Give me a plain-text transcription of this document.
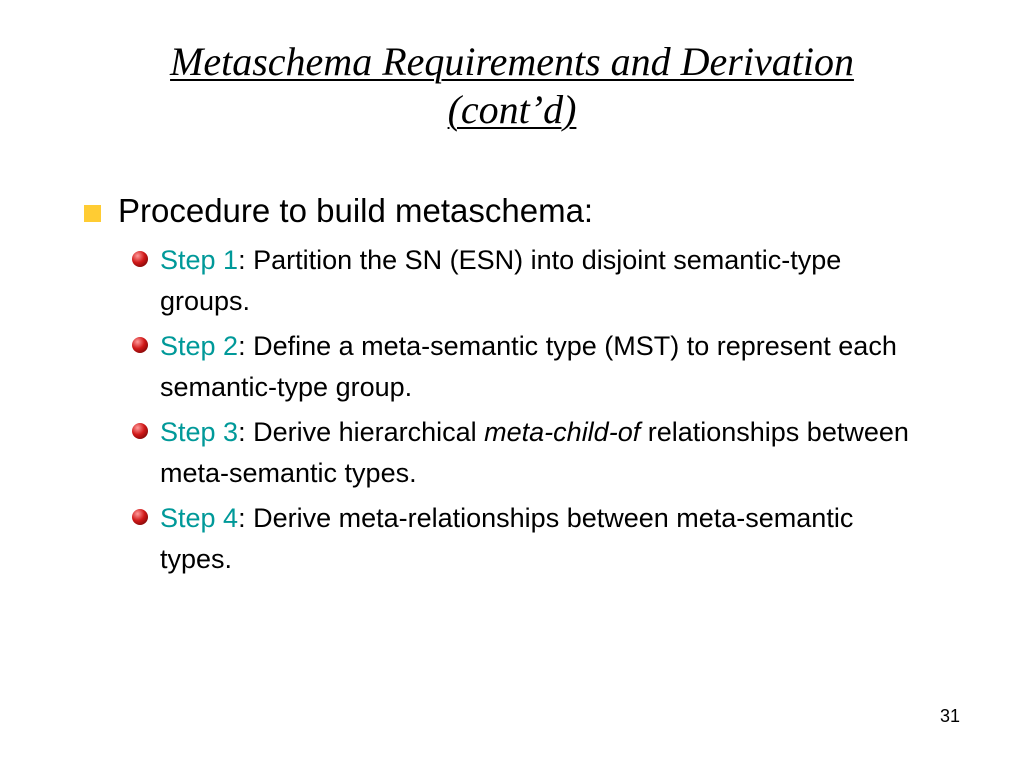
Metaschema Requirements and Derivation
(cont’d)
Procedure to build metaschema:
Step 1: Partition the SN (ESN) into disjoint semantic-type groups.
Step 2: Define a meta-semantic type (MST) to represent each semantic-type group.
Step 3: Derive hierarchical meta-child-of relationships between meta-semantic types.
Step 4: Derive meta-relationships between meta-semantic types.
31
